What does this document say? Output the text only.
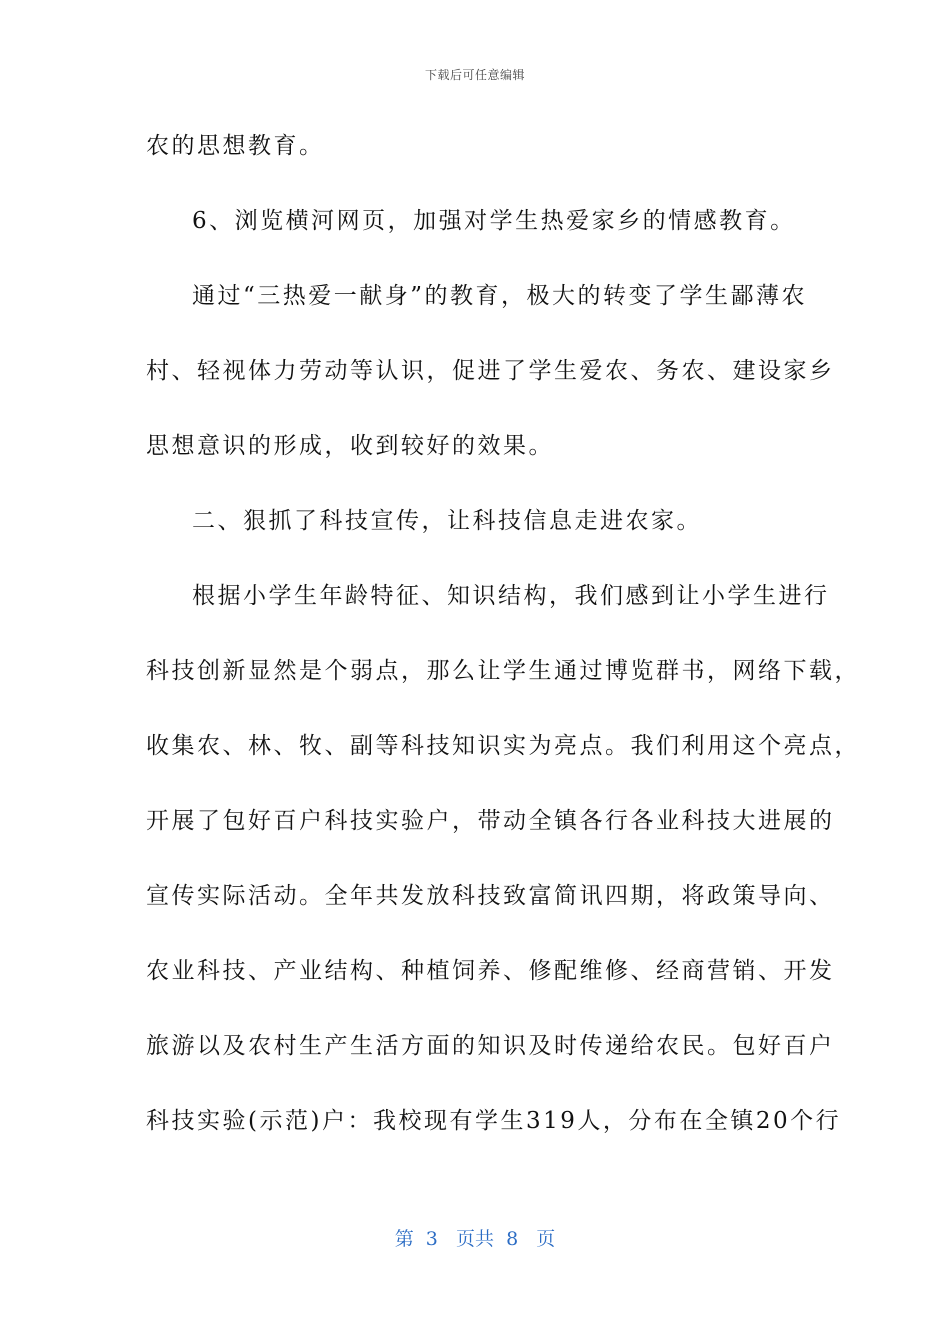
下载后可任意编辑
农的思想教育。
6、浏览横河网页，加强对学生热爱家乡的情感教育。
通过“三热爱一献身”的教育，极大的转变了学生鄙薄农
村、轻视体力劳动等认识，促进了学生爱农、务农、建设家乡
思想意识的形成，收到较好的效果。
二、狠抓了科技宣传，让科技信息走进农家。
根据小学生年龄特征、知识结构，我们感到让小学生进行
科技创新显然是个弱点，那么让学生通过博览群书，网络下载，
收集农、林、牧、副等科技知识实为亮点。我们利用这个亮点，
开展了包好百户科技实验户，带动全镇各行各业科技大进展的
宣传实际活动。全年共发放科技致富简讯四期，将政策导向、
农业科技、产业结构、种植饲养、修配维修、经商营销、开发
旅游以及农村生产生活方面的知识及时传递给农民。包好百户
科技实验(示范)户：我校现有学生319人，分布在全镇20个行
第  3   页共  8   页
